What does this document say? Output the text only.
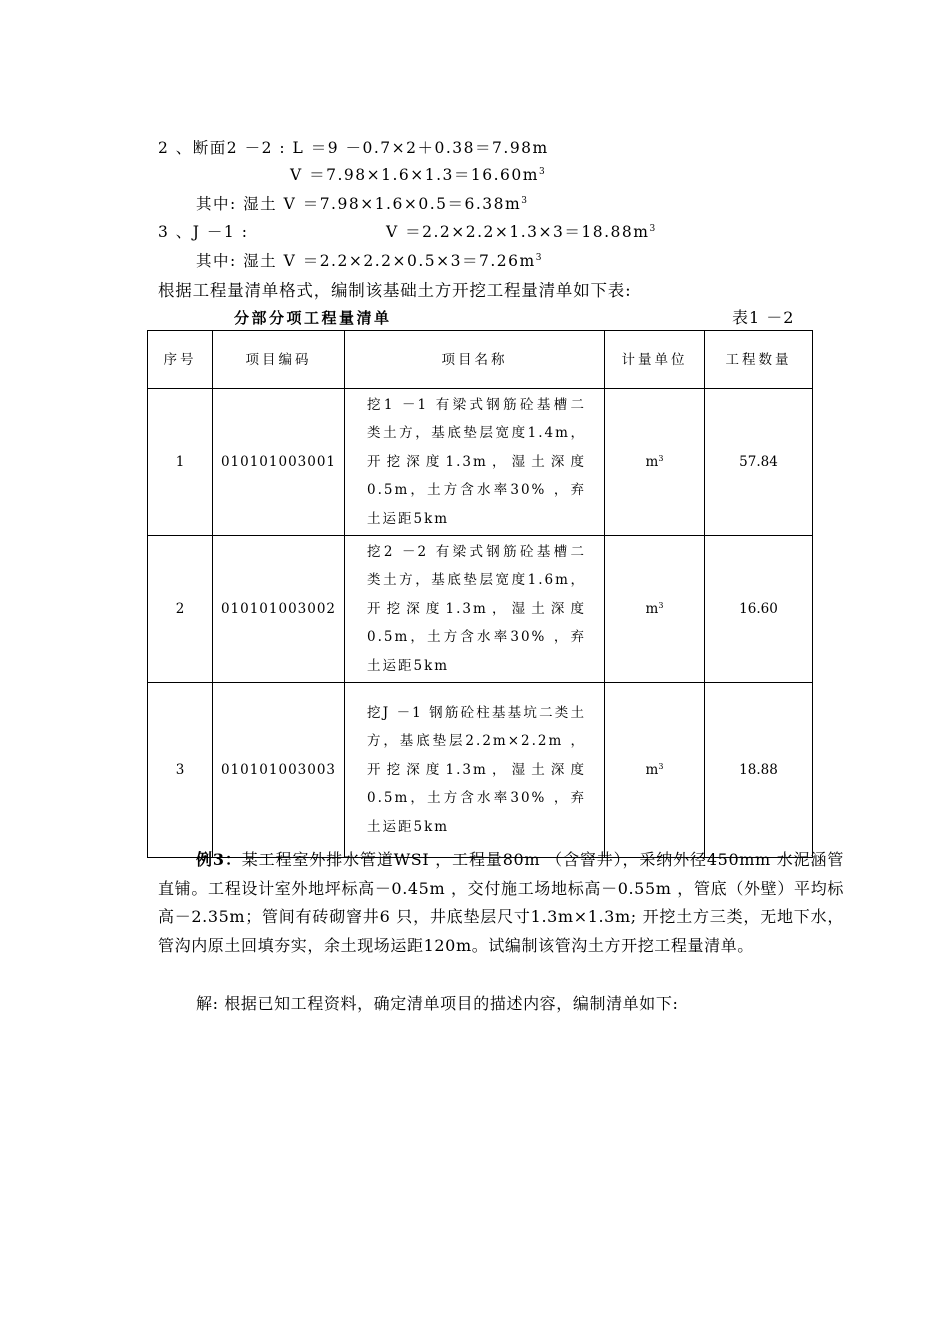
2 、断面2 －2 : L ＝9 －0.7×2＋0.38＝7.98m
$V =7.98\times 1.6\times 1.3=16.60m^3$
其中: 湿土 $V =7.98\times 1.6\times 0.5=6.38m^3$
3 、J －1 :	$V =2.2\times 2.2\times 1.3\times 3=18.88m^3$
其中: 湿土 $V =2.2\times 2.2\times 0.5\times 3=7.26m^3$
根据工程量清单格式，编制该基础土方开挖工程量清单如下表:
分部分项工程量清单	表1 －2
序号	项目编码	项目名称	计量单位	工程数量
1	010101003001	挖1 －1 有梁式钢筋砼基槽二类土方，基底垫层宽度1.4m，开挖深度1.3m，湿土深度0.5m，土方含水率30% ，弃土运距5km	$m^3$	57.84
2	010101003002	挖2 －2 有梁式钢筋砼基槽二类土方，基底垫层宽度1.6m，开挖深度1.3m，湿土深度0.5m，土方含水率30% ，弃土运距5km	$m^3$	16.60
3	010101003003	挖J －1 钢筋砼柱基基坑二类土方，基底垫层2.2m×2.2m ，开挖深度1.3m，湿土深度0.5m，土方含水率30% ，弃土运距5km	$m^3$	18.88
例3：某工程室外排水管道WSI ，工程量80m （含窨井），采纳外径450mm 水泥涵管直铺。工程设计室外地坪标高－0.45m ，交付施工场地标高－0.55m ，管底（外壁）平均标高－2.35m；管间有砖砌窨井6 只，井底垫层尺寸1.3m×1.3m; 开挖土方三类，无地下水，管沟内原土回填夯实，余土现场运距120m。试编制该管沟土方开挖工程量清单。
解: 根据已知工程资料，确定清单项目的描述内容，编制清单如下:
